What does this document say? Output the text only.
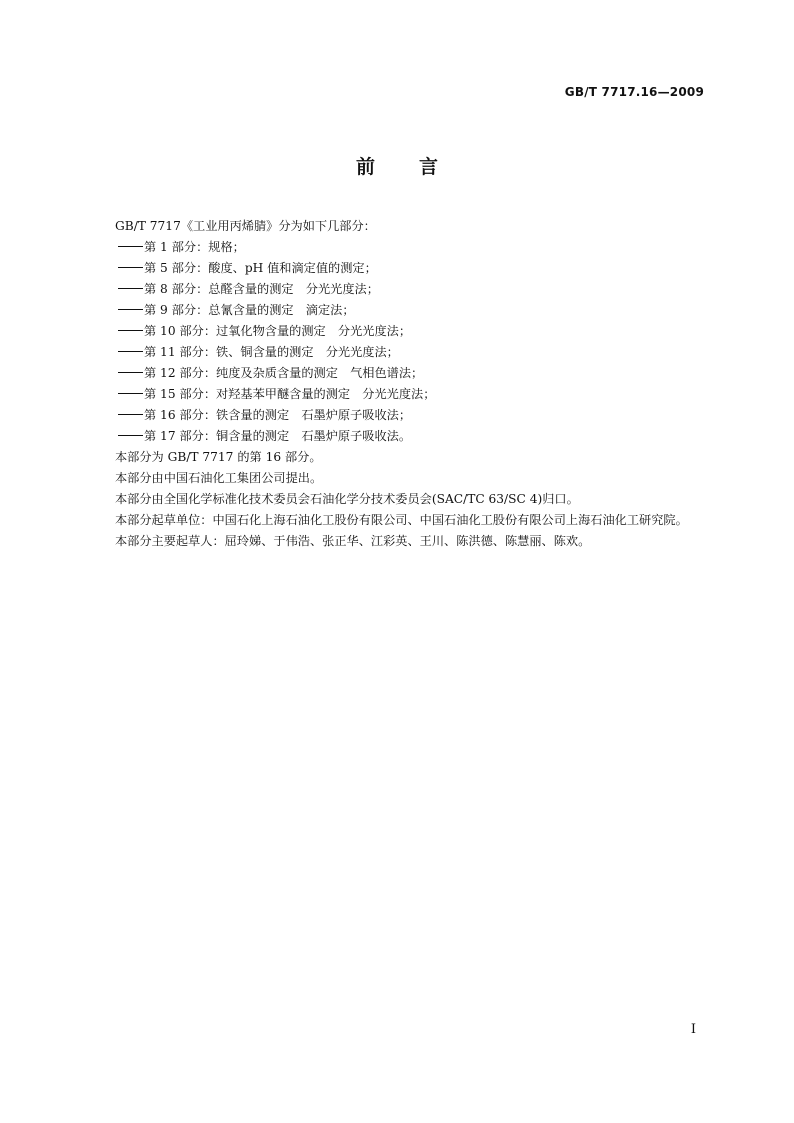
GB/T 7717.16—2009
前言

GB/T 7717《工业用丙烯腈》分为如下几部分：

第 1 部分：规格；

第 5 部分：酸度、pH 值和滴定值的测定；

第 8 部分：总醛含量的测定　分光光度法；

第 9 部分：总氰含量的测定　滴定法；

第 10 部分：过氧化物含量的测定　分光光度法；

第 11 部分：铁、铜含量的测定　分光光度法；

第 12 部分：纯度及杂质含量的测定　气相色谱法；

第 15 部分：对羟基苯甲醚含量的测定　分光光度法；

第 16 部分：铁含量的测定　石墨炉原子吸收法；

第 17 部分：铜含量的测定　石墨炉原子吸收法。

本部分为 GB/T 7717 的第 16 部分。

本部分由中国石油化工集团公司提出。

本部分由全国化学标准化技术委员会石油化学分技术委员会(SAC/TC 63/SC 4)归口。

本部分起草单位：中国石化上海石油化工股份有限公司、中国石油化工股份有限公司上海石油化工研究院。

本部分主要起草人：屈玲娣、于伟浩、张正华、江彩英、王川、陈洪德、陈慧丽、陈欢。

I
